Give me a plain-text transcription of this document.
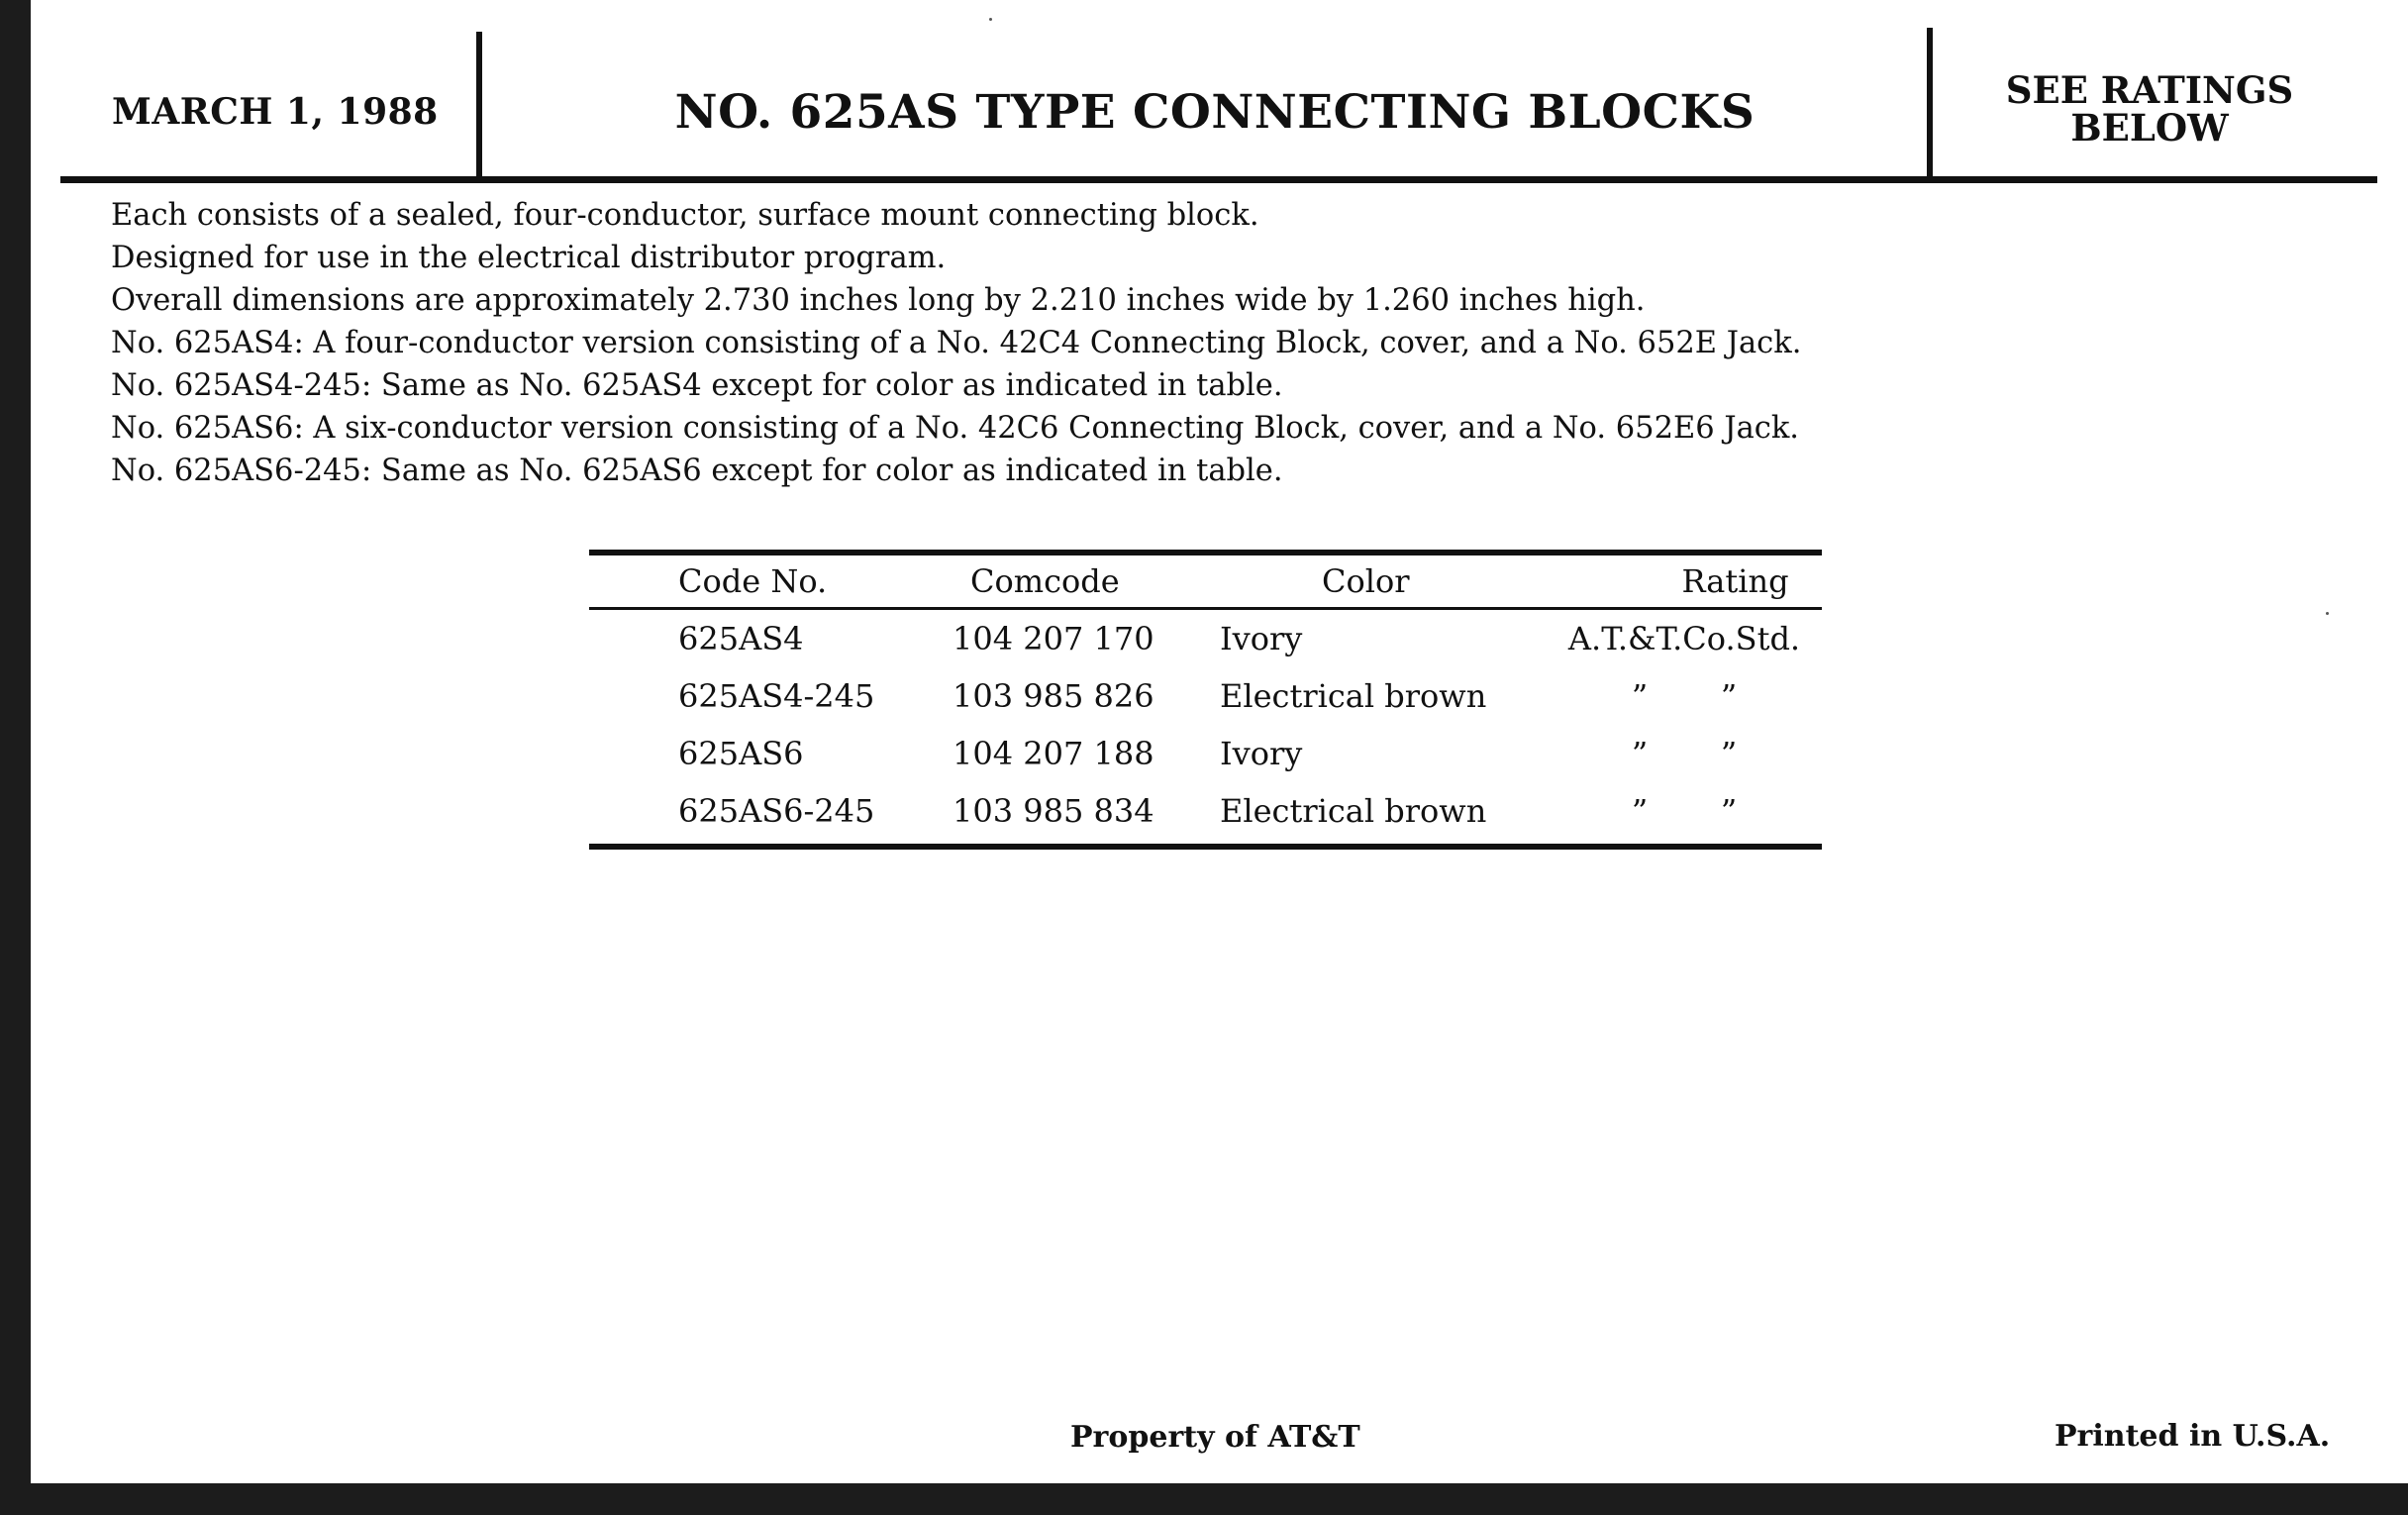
MARCH 1, 1988	NO. 625AS TYPE CONNECTING BLOCKS	SEE RATINGS
BELOW

Each consists of a sealed, four-conductor, surface mount connecting block.

Designed for use in the electrical distributor program.

Overall dimensions are approximately 2.730 inches long by 2.210 inches wide by 1.260 inches high.

No. 625AS4: A four-conductor version consisting of a No. 42C4 Connecting Block, cover, and a No. 652E Jack.

No. 625AS4-245: Same as No. 625AS4 except for color as indicated in table.

No. 625AS6: A six-conductor version consisting of a No. 42C6 Connecting Block, cover, and a No. 652E6 Jack.

No. 625AS6-245: Same as No. 625AS6 except for color as indicated in table.

Code No.	Comcode	Color	Rating
625AS4	104 207 170	Ivory	A.T.&T.Co.Std.
625AS4-245	103 985 826	Electrical brown	” ”
625AS6	104 207 188	Ivory	” ”
625AS6-245	103 985 834	Electrical brown	” ”
Property of AT&T	Printed in U.S.A.
